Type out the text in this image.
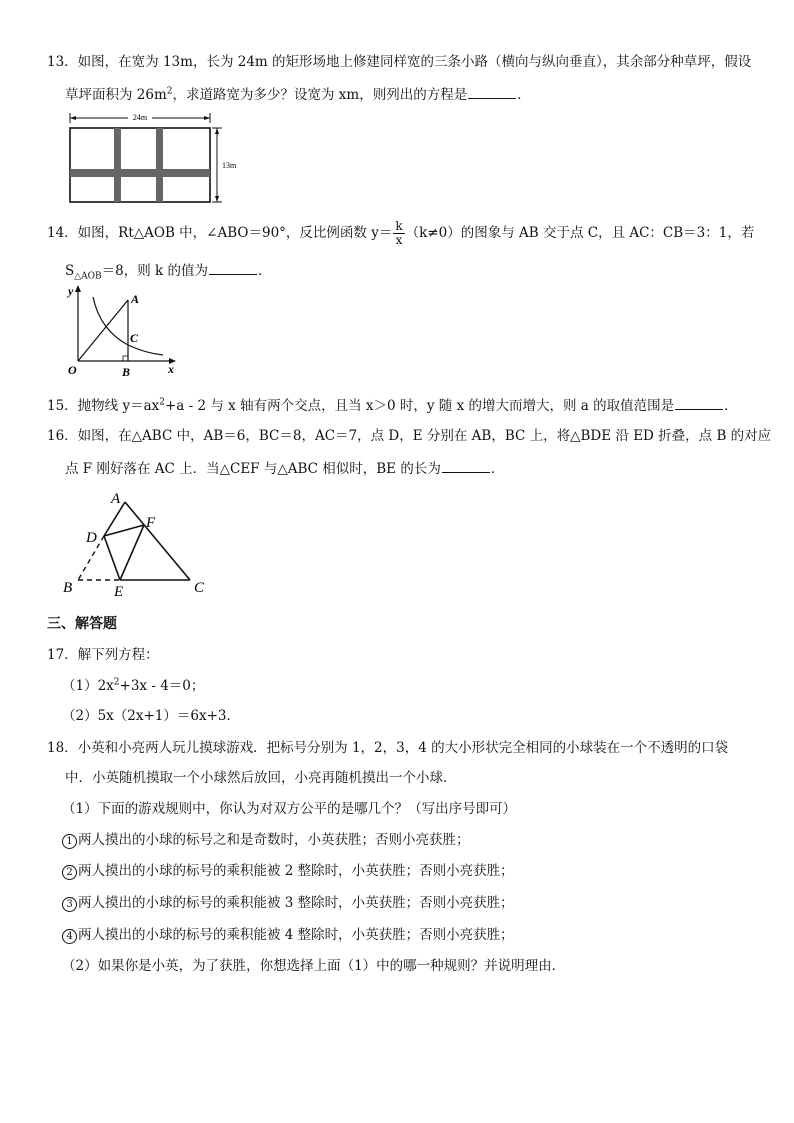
13．如图，在宽为 13m，长为 24m 的矩形场地上修建同样宽的三条小路（横向与纵向垂直），其余部分种草坪，假设
草坪面积为 $26m^2$，求道路宽为多少？设宽为 xm，则列出的方程是	．
24m
13m
14．如图，Rt△AOB 中，∠ABO＝90°，反比例函数 $y= \frac{k}{x} (k\ne 0)$的图象与 AB 交于点 C，且 AC：CB＝3：1，若
$S_{\triangle AOB}=8$，则 k 的值为	．
y
A
C
O	B	x
15．抛物线 $y=ax^2+a - 2$ 与 x 轴有两个交点，且当 x＞0 时，y 随 x 的增大而增大，则 a 的取值范围是	．
16．如图，在△ABC 中，AB＝6，BC＝8，AC＝7，点 D，E 分别在 AB，BC 上，将△BDE 沿 ED 折叠，点 B 的对应
点 F 刚好落在 AC 上．当△CEF 与△ABC 相似时，BE 的长为	．
A
F
D
B	E	C
三、解答题
17．解下列方程：
$(1)2x^2+3x - 4=0$；
（2）5x（2x+1）＝6x+3．
18．小英和小亮两人玩儿摸球游戏．把标号分别为 1，2，3，4 的大小形状完全相同的小球装在一个不透明的口袋
中．小英随机摸取一个小球然后放回，小亮再随机摸出一个小球．
（1）下面的游戏规则中，你认为对双方公平的是哪几个？（写出序号即可）
1 两人摸出的小球的标号之和是奇数时，小英获胜；否则小亮获胜；
2 两人摸出的小球的标号的乘积能被 2 整除时，小英获胜；否则小亮获胜；
3 两人摸出的小球的标号的乘积能被 3 整除时，小英获胜；否则小亮获胜；
4 两人摸出的小球的标号的乘积能被 4 整除时，小英获胜；否则小亮获胜；
（2）如果你是小英，为了获胜，你想选择上面（1）中的哪一种规则？并说明理由．
